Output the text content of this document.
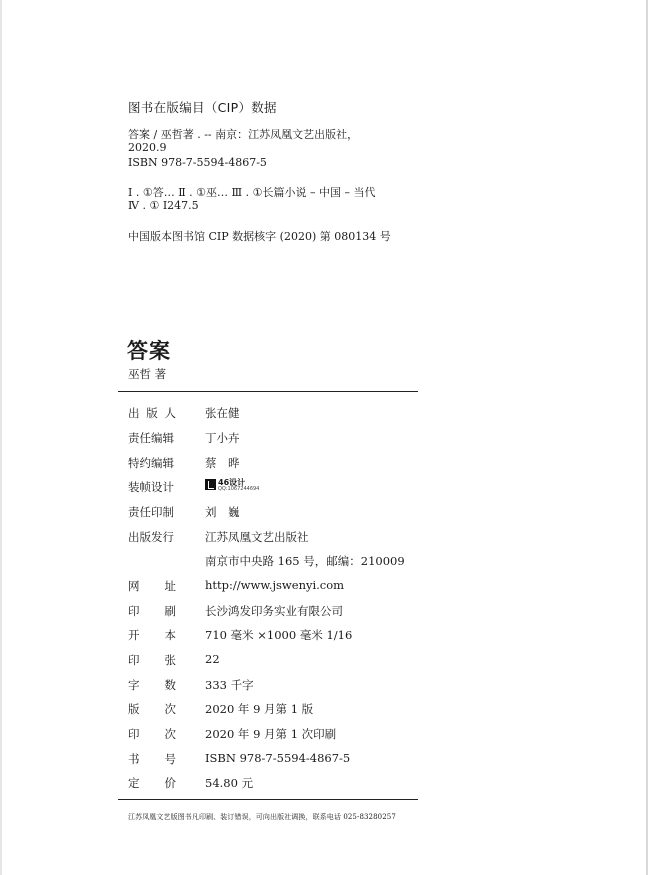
图书在版编目（CIP）数据
答案 / 巫哲著 . -- 南京：江苏凤凰文艺出版社，
2020.9
ISBN 978-7-5594-4867-5
Ⅰ . ①答… Ⅱ . ①巫… Ⅲ . ①长篇小说 – 中国 – 当代
Ⅳ . ① I247.5
中国版本图书馆 CIP 数据核字 (2020) 第 080134 号
答案
巫哲 著
出 版 人	张在健
责任编辑	丁小卉
特约编辑	蔡　晔
装帧设计	46设计
QQ:1067244694
责任印制	刘　巍
出版发行	江苏凤凰文艺出版社
南京市中央路 165 号，邮编：210009
网 址	http://www.jswenyi.com
印 刷	长沙鸿发印务实业有限公司
开 本	710 毫米 ×1000 毫米 1/16
印 张	22
字 数	333 千字
版 次	2020 年 9 月第 1 版
印 次	2020 年 9 月第 1 次印刷
书 号	ISBN 978-7-5594-4867-5
定 价	54.80 元
江苏凤凰文艺版图书凡印刷、装订错误，可向出版社调换，联系电话 025-83280257
